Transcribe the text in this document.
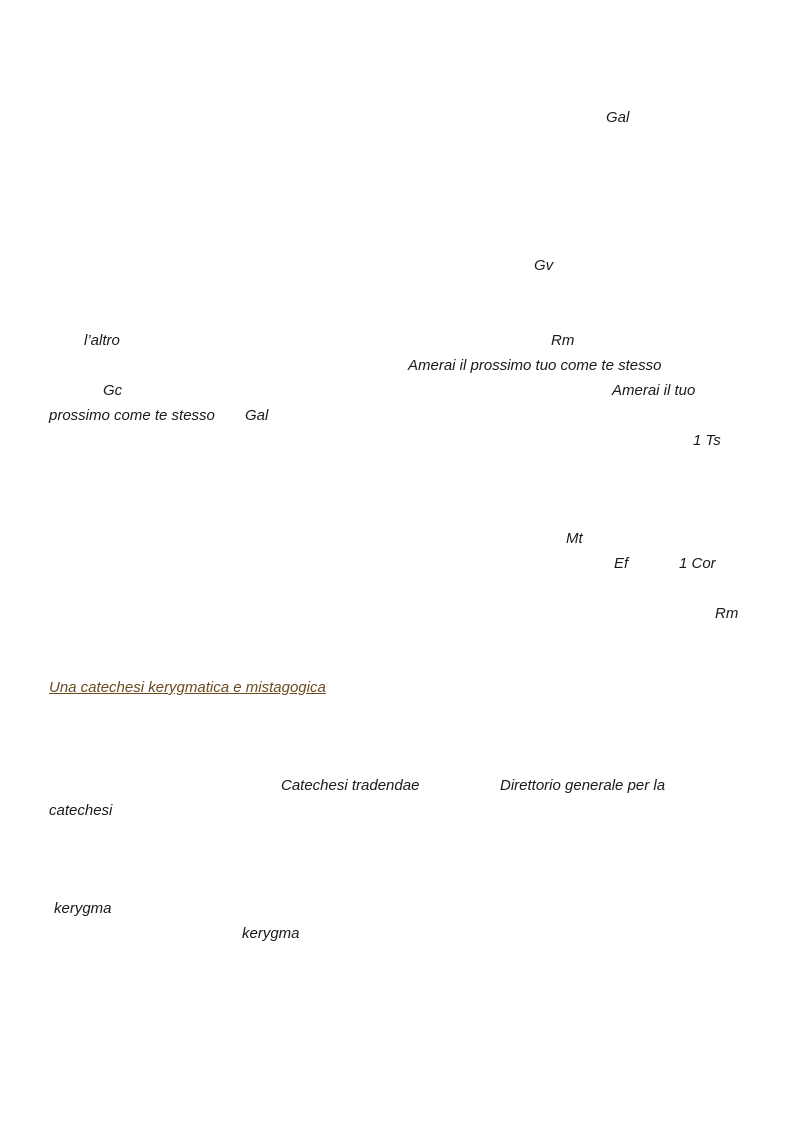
Gal
Gv
l’altro	Rm
Amerai il prossimo tuo come te stesso
Gc	Amerai il tuo
prossimo come te stesso Gal
1 Ts
Mt
Ef	1 Cor
Rm
Una catechesi kerygmatica e mistagogica
Catechesi tradendae	Direttorio generale per la
catechesi
kerygma
kerygma
